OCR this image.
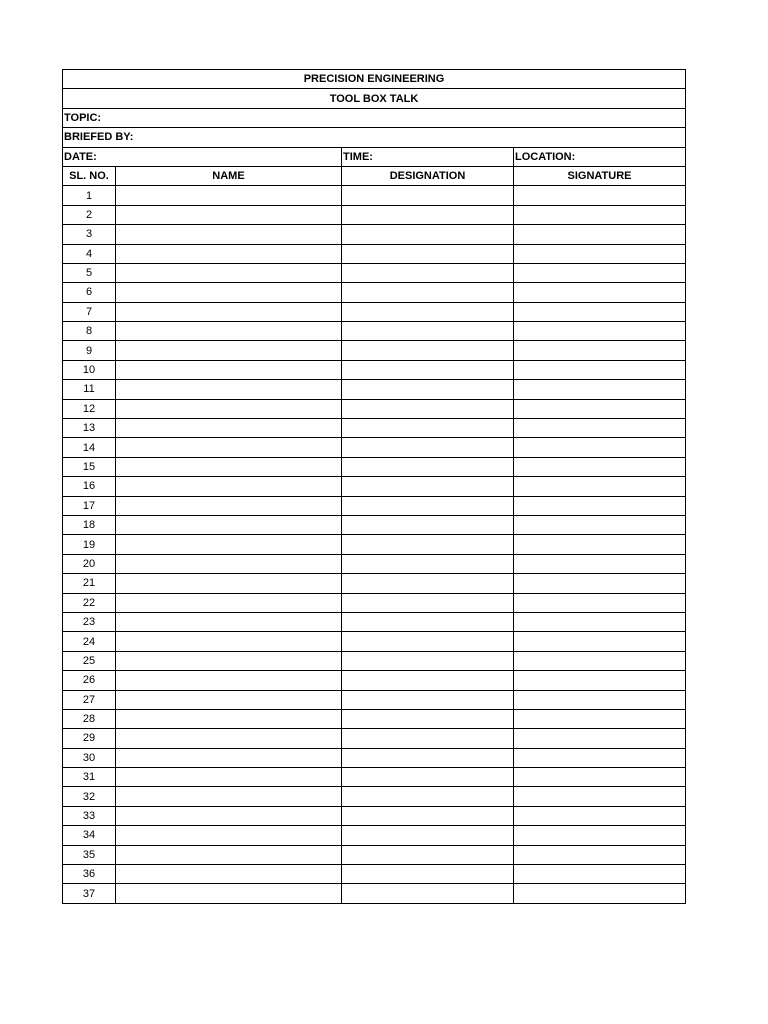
PRECISION ENGINEERING			
TOOL BOX TALK			
TOPIC:			
BRIEFED BY:			
DATE:		TIME:	LOCATION:
SL. NO.	NAME	DESIGNATION	SIGNATURE
1			
2			
3			
4			
5			
6			
7			
8			
9			
10			
11			
12			
13			
14			
15			
16			
17			
18			
19			
20			
21			
22			
23			
24			
25			
26			
27			
28			
29			
30			
31			
32			
33			
34			
35			
36			
37			
